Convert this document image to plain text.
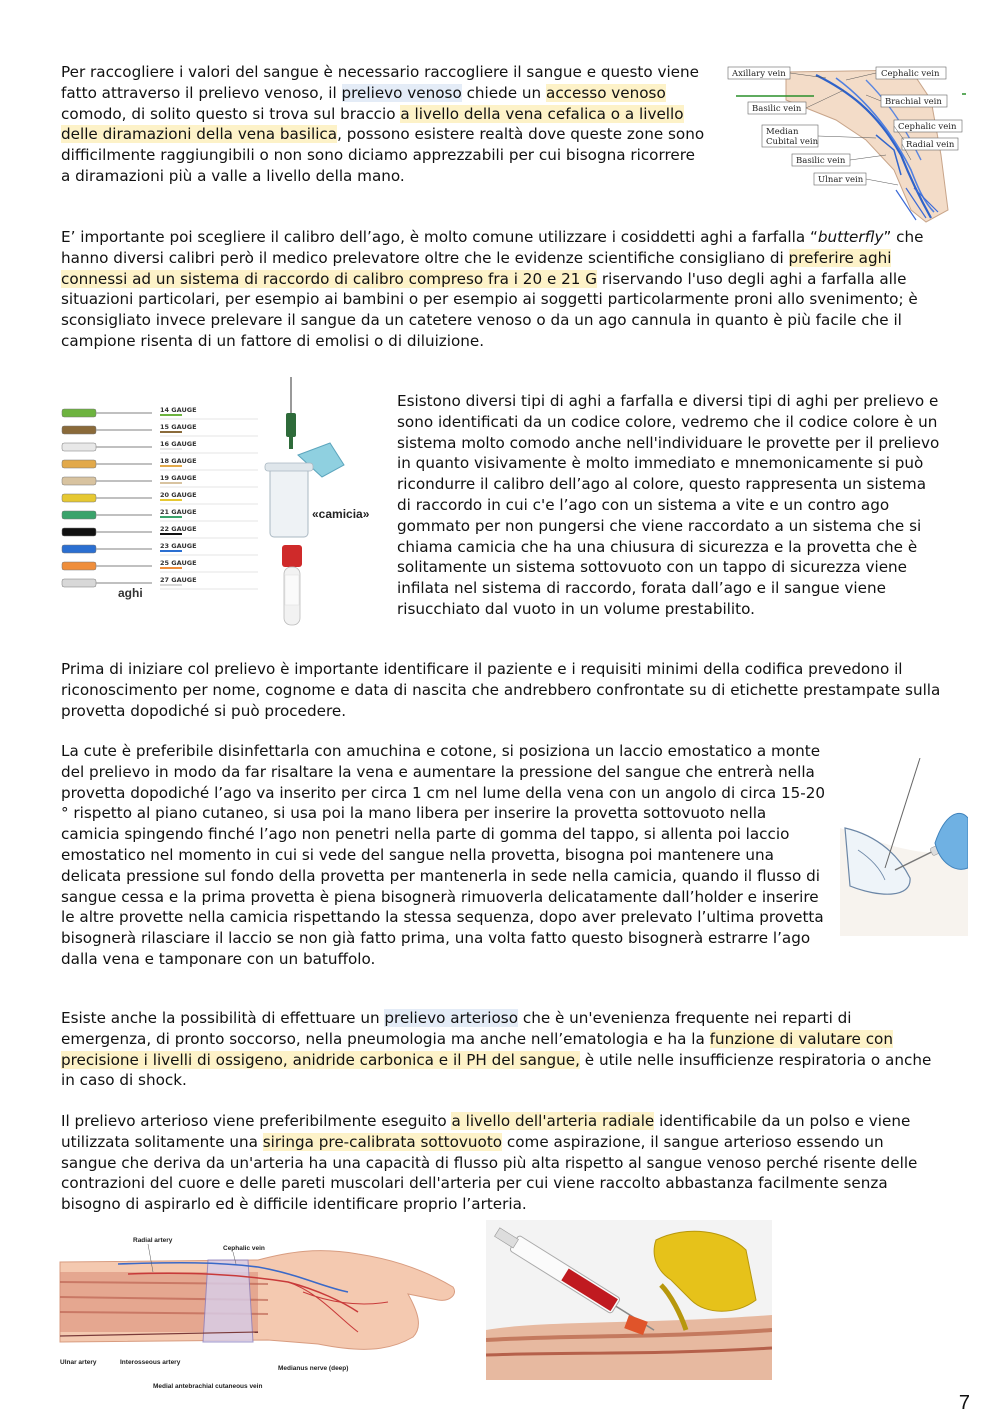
Per raccogliere i valori del sangue è necessario raccogliere il sangue e questo viene fatto attraverso il prelievo venoso, il prelievo venoso chiede un accesso venoso comodo, di solito questo si trova sul braccio a livello della vena cefalica o a livello delle diramazioni della vena basilica, possono esistere realtà dove queste zone sono difficilmente raggiungibili o non sono diciamo apprezzabili per cui bisogna ricorrere a diramazioni più a valle a livello della mano.

Axillary vein
Basilic vein
Median
Cubital vein
Basilic vein
Ulnar vein
Cephalic vein
Brachial vein
Cephalic vein
Radial vein

E’ importante poi scegliere il calibro dell’ago, è molto comune utilizzare i cosiddetti aghi a farfalla “butterfly” che hanno diversi calibri però il medico prelevatore oltre che le evidenze scientifiche consigliano di preferire aghi connessi ad un sistema di raccordo di calibro compreso fra i 20 e 21 G riservando l'uso degli aghi a farfalla alle situazioni particolari, per esempio ai bambini o per esempio ai soggetti particolarmente proni allo svenimento; è sconsigliato invece prelevare il sangue da un catetere venoso o da un ago cannula in quanto è più facile che il campione risenta di un fattore di emolisi o di diluizione.

14 GAUGE
15 GAUGE
16 GAUGE
18 GAUGE
19 GAUGE
20 GAUGE
21 GAUGE
22 GAUGE
23 GAUGE
25 GAUGE
27 GAUGE
aghi
«camicia»

Esistono diversi tipi di aghi a farfalla e diversi tipi di aghi per prelievo e sono identificati da un codice colore, vedremo che il codice colore è un sistema molto comodo anche nell'individuare le provette per il prelievo in quanto visivamente è molto immediato e mnemonicamente si può ricondurre il calibro dell’ago al colore, questo rappresenta un sistema di raccordo in cui c'e l’ago con un sistema a vite e un contro ago gommato per non pungersi che viene raccordato a un sistema che si chiama camicia che ha una chiusura di sicurezza e la provetta che è solitamente un sistema sottovuoto con un tappo di sicurezza viene infilata nel sistema di raccordo, forata dall’ago e il sangue viene risucchiato dal vuoto in un volume prestabilito.

Prima di iniziare col prelievo è importante identificare il paziente e i requisiti minimi della codifica prevedono il riconoscimento per nome, cognome e data di nascita che andrebbero confrontate su di etichette prestampate sulla provetta dopodiché si può procedere.

La cute è preferibile disinfettarla con amuchina e cotone, si posiziona un laccio emostatico a monte del prelievo in modo da far risaltare la vena e aumentare la pressione del sangue che entrerà nella provetta dopodiché l’ago va inserito per circa 1 cm nel lume della vena con un angolo di circa 15-20 ° rispetto al piano cutaneo, si usa poi la mano libera per inserire la provetta sottovuoto nella camicia spingendo finché l’ago non penetri nella parte di gomma del tappo, si allenta poi laccio emostatico nel momento in cui si vede del sangue nella provetta, bisogna poi mantenere una delicata pressione sul fondo della provetta per mantenerla in sede nella camicia, quando il flusso di sangue cessa e la prima provetta è piena bisognerà rimuoverla delicatamente dall’holder e inserire le altre provette nella camicia rispettando la stessa sequenza, dopo aver prelevato l’ultima provetta bisognerà rilasciare il laccio se non già fatto prima, una volta fatto questo bisognerà estrarre l’ago dalla vena e tamponare con un batuffolo.

Esiste anche la possibilità di effettuare un prelievo arterioso che è un'evenienza frequente nei reparti di emergenza, di pronto soccorso, nella pneumologia ma anche nell’ematologia e ha la funzione di valutare con precisione i livelli di ossigeno, anidride carbonica e il PH del sangue, è utile nelle insufficienze respiratoria o anche in caso di shock.

Il prelievo arterioso viene preferibilmente eseguito a livello dell'arteria radiale identificabile da un polso e viene utilizzata solitamente una siringa pre-calibrata sottovuoto come aspirazione, il sangue arterioso essendo un sangue che deriva da un'arteria ha una capacità di flusso più alta rispetto al sangue venoso perché risente delle contrazioni del cuore e delle pareti muscolari dell'arteria per cui viene raccolto abbastanza facilmente senza bisogno di aspirarlo ed è difficile identificare proprio l’arteria.

Radial artery
Cephalic vein
Ulnar artery	Interosseous artery
Medianus nerve (deep)
Medial antebrachial cutaneous vein
7
